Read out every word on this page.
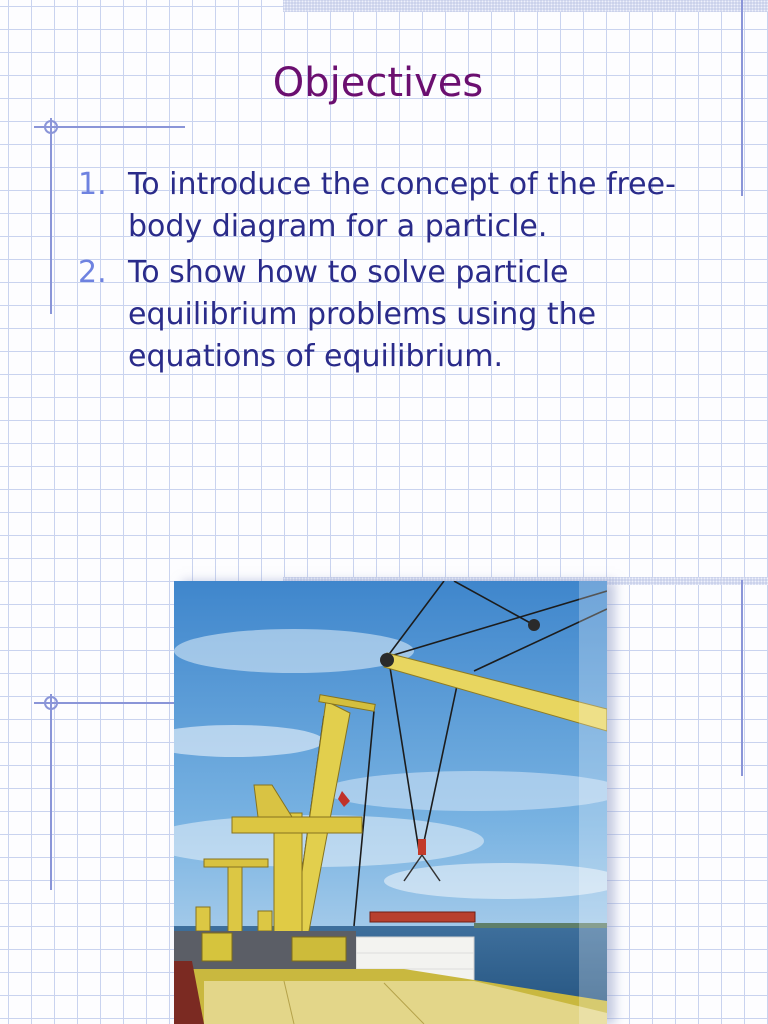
Objectives
1. To introduce the concept of the free-body diagram for a particle.
2. To show how to solve particle equilibrium problems using the equations of equilibrium.
